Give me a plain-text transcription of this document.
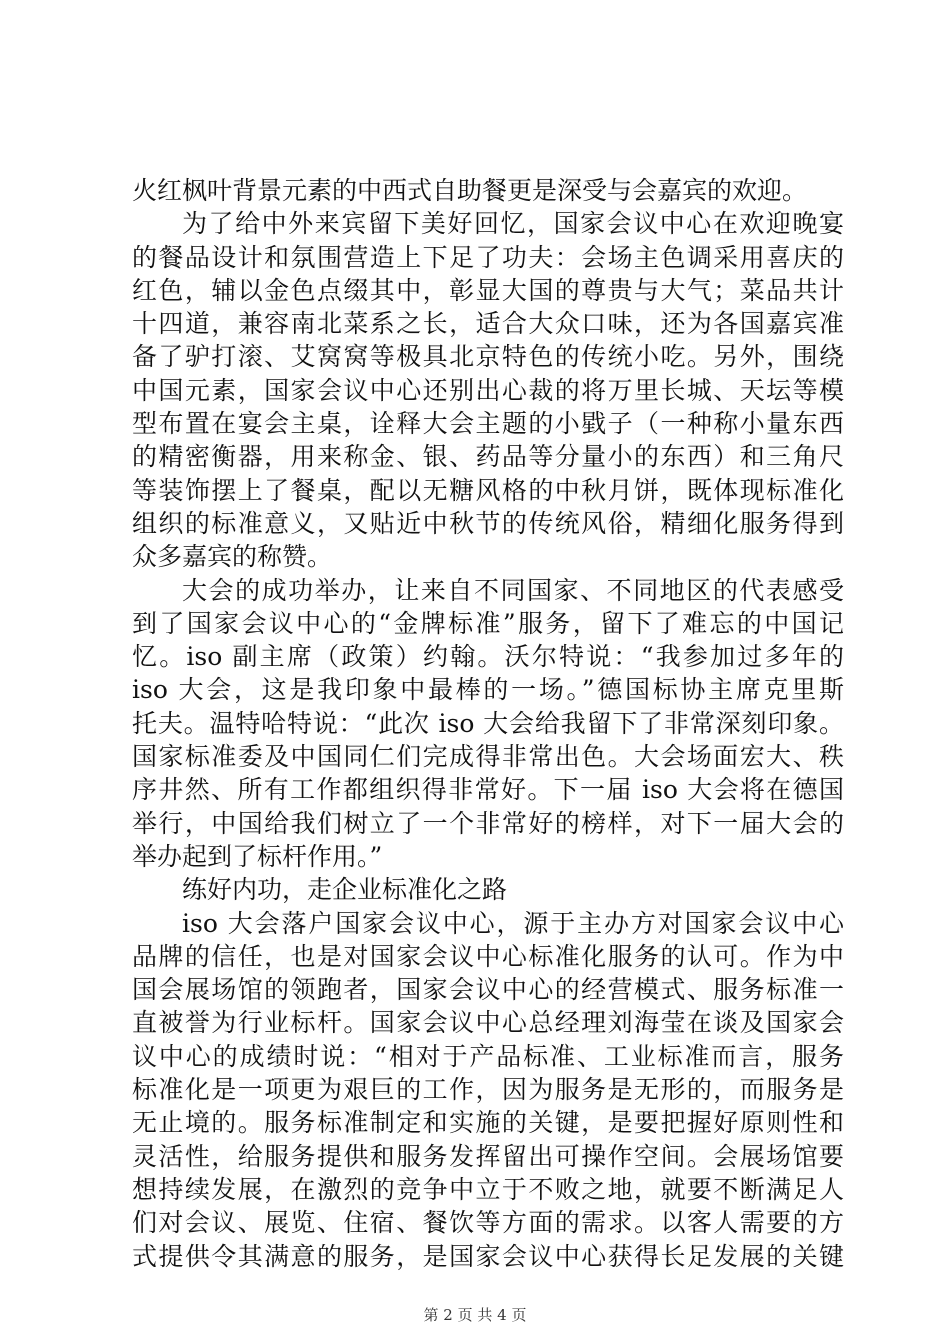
火红枫叶背景元素的中西式自助餐更是深受与会嘉宾的欢迎。
为了给中外来宾留下美好回忆，国家会议中心在欢迎晚宴
的餐品设计和氛围营造上下足了功夫：会场主色调采用喜庆的
红色，辅以金色点缀其中，彰显大国的尊贵与大气；菜品共计
十四道，兼容南北菜系之长，适合大众口味，还为各国嘉宾准
备了驴打滚、艾窝窝等极具北京特色的传统小吃。另外，围绕
中国元素，国家会议中心还别出心裁的将万里长城、天坛等模
型布置在宴会主桌，诠释大会主题的小戥子（一种称小量东西
的精密衡器，用来称金、银、药品等分量小的东西）和三角尺
等装饰摆上了餐桌，配以无糖风格的中秋月饼，既体现标准化
组织的标准意义，又贴近中秋节的传统风俗，精细化服务得到
众多嘉宾的称赞。
大会的成功举办，让来自不同国家、不同地区的代表感受
到了国家会议中心的“金牌标准”服务，留下了难忘的中国记
忆。iso 副主席（政策）约翰。沃尔特说：“我参加过多年的
iso 大会，这是我印象中最棒的一场。”德国标协主席克里斯
托夫。温特哈特说：“此次 iso 大会给我留下了非常深刻印象。
国家标准委及中国同仁们完成得非常出色。大会场面宏大、秩
序井然、所有工作都组织得非常好。下一届 iso 大会将在德国
举行，中国给我们树立了一个非常好的榜样，对下一届大会的
举办起到了标杆作用。”
练好内功，走企业标准化之路
iso 大会落户国家会议中心，源于主办方对国家会议中心
品牌的信任，也是对国家会议中心标准化服务的认可。作为中
国会展场馆的领跑者，国家会议中心的经营模式、服务标准一
直被誉为行业标杆。国家会议中心总经理刘海莹在谈及国家会
议中心的成绩时说：“相对于产品标准、工业标准而言，服务
标准化是一项更为艰巨的工作，因为服务是无形的，而服务是
无止境的。服务标准制定和实施的关键，是要把握好原则性和
灵活性，给服务提供和服务发挥留出可操作空间。会展场馆要
想持续发展，在激烈的竞争中立于不败之地，就要不断满足人
们对会议、展览、住宿、餐饮等方面的需求。以客人需要的方
式提供令其满意的服务，是国家会议中心获得长足发展的关键
第 2 页 共 4 页
